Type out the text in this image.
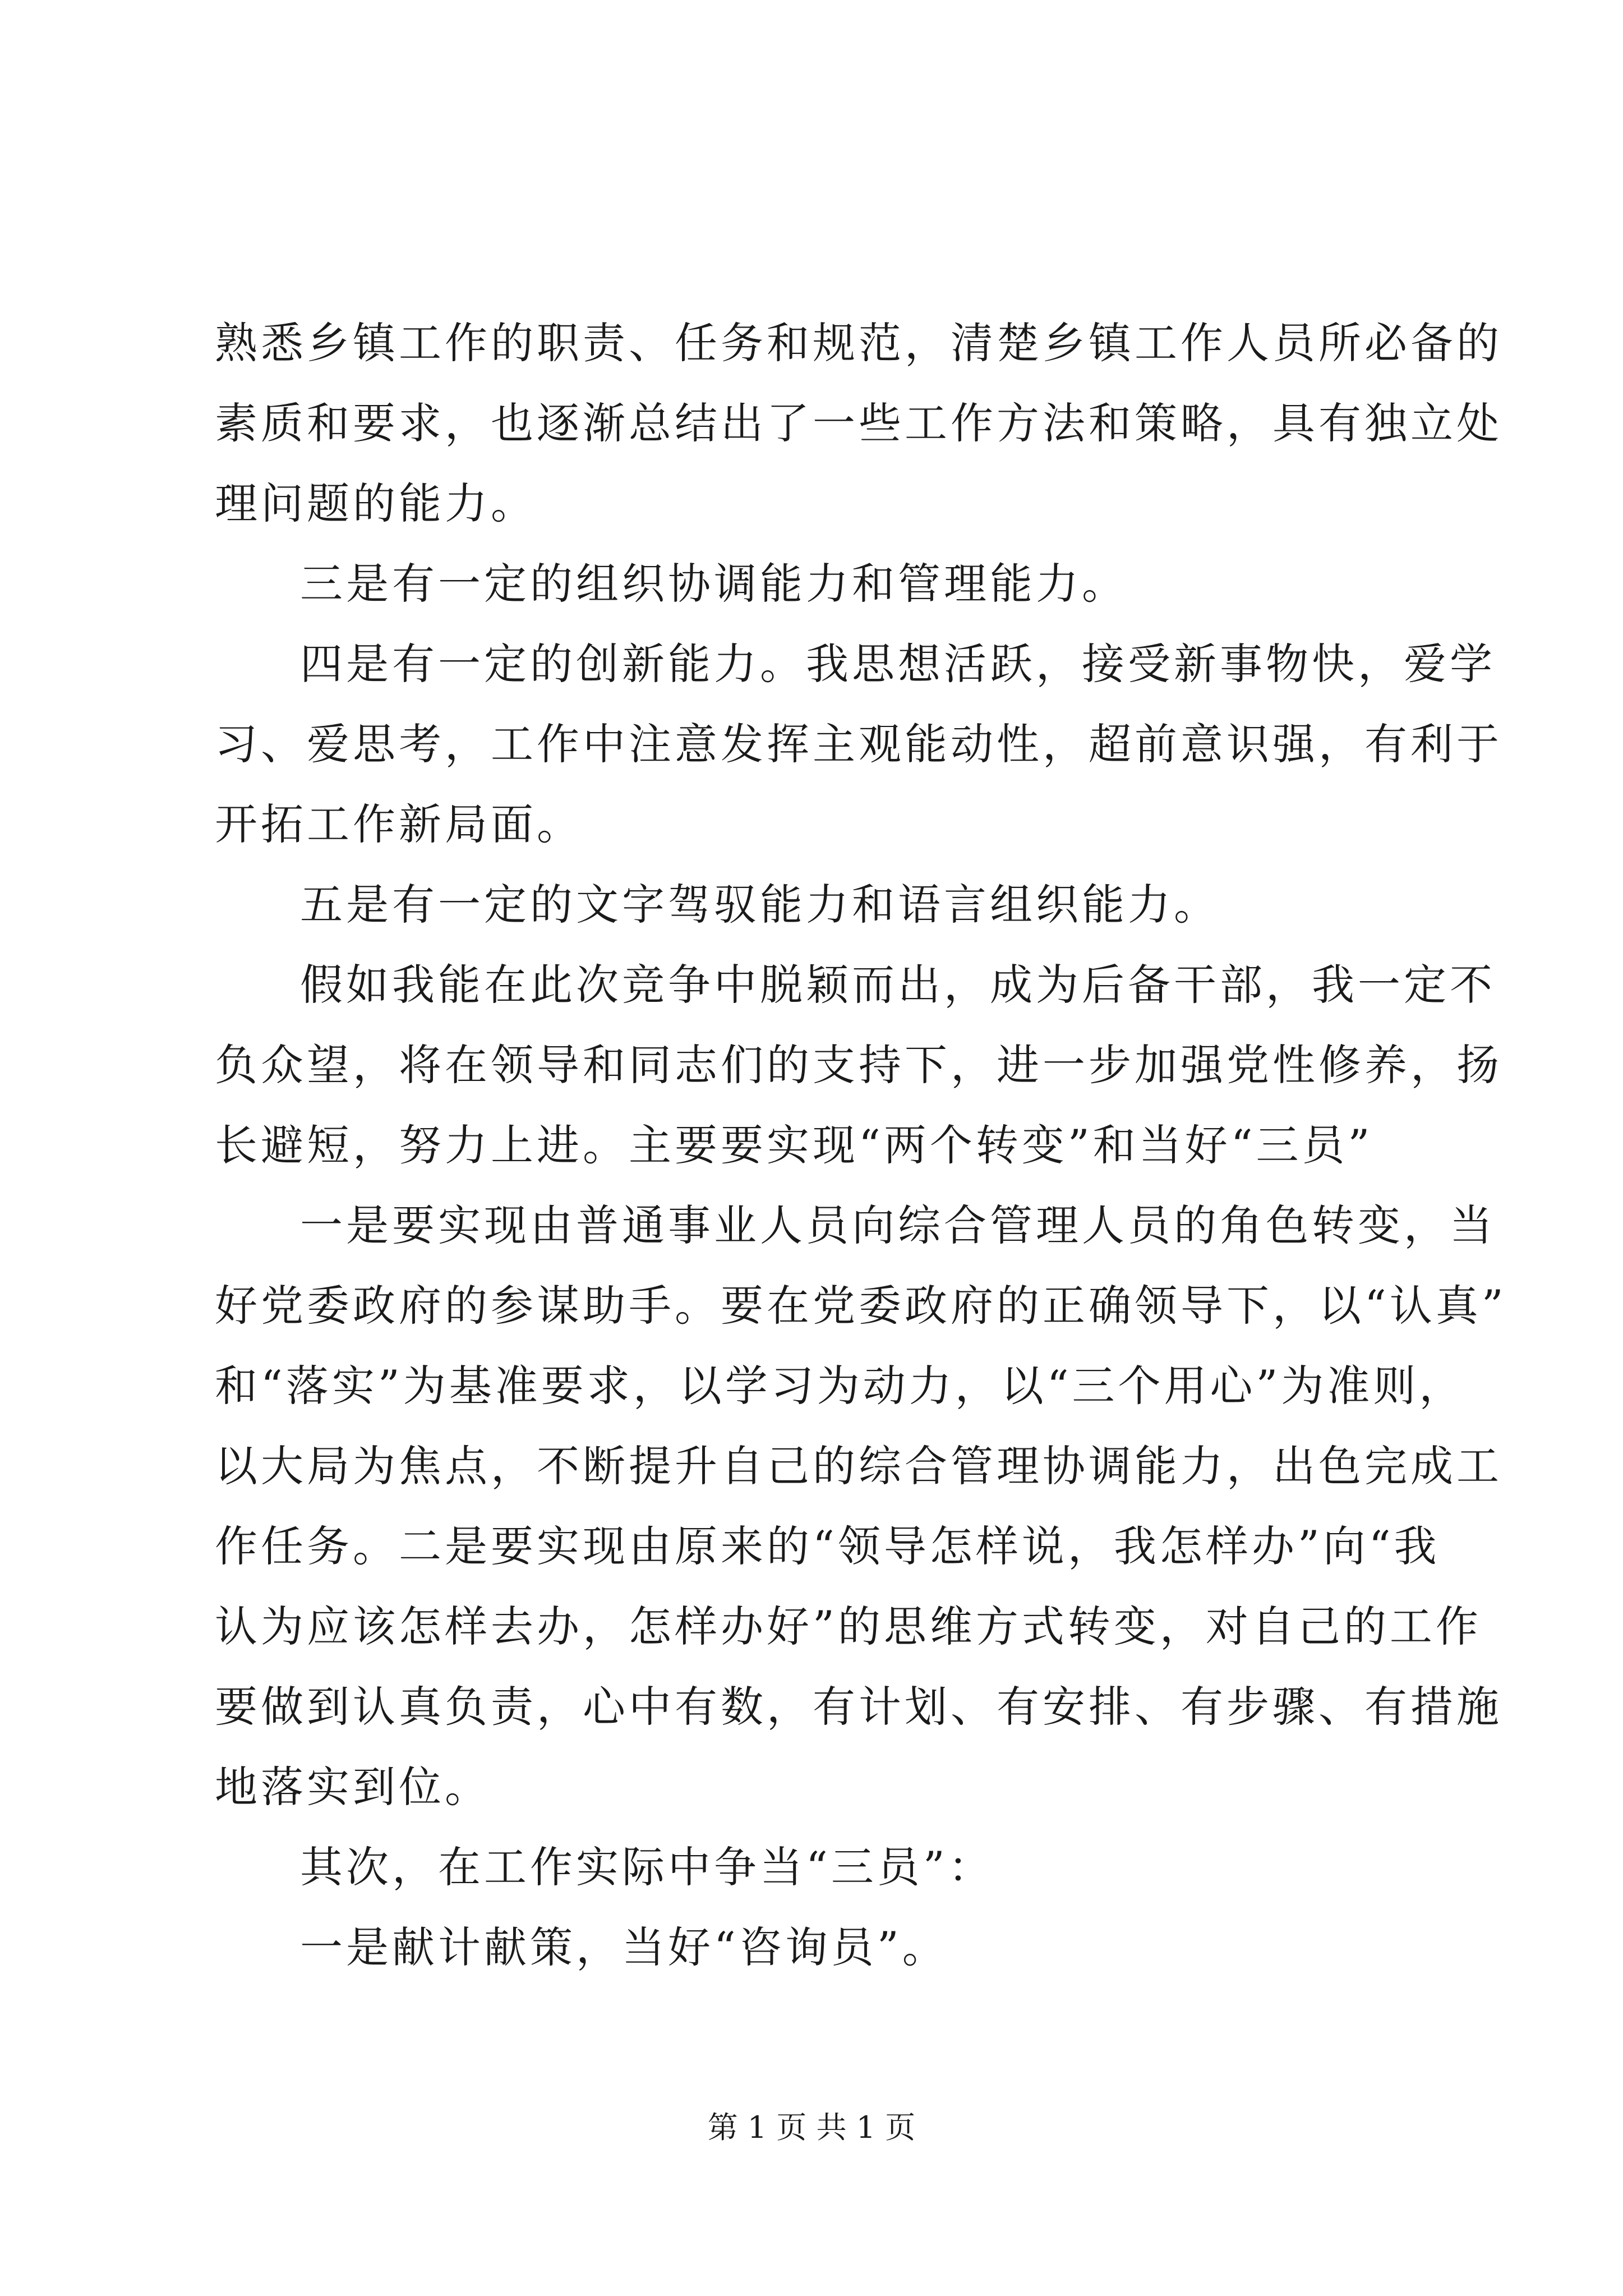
熟悉乡镇工作的职责、任务和规范，清楚乡镇工作人员所必备的
素质和要求，也逐渐总结出了一些工作方法和策略，具有独立处
理问题的能力。
三是有一定的组织协调能力和管理能力。
四是有一定的创新能力。我思想活跃，接受新事物快，爱学
习、爱思考，工作中注意发挥主观能动性，超前意识强，有利于
开拓工作新局面。
五是有一定的文字驾驭能力和语言组织能力。
假如我能在此次竞争中脱颖而出，成为后备干部，我一定不
负众望，将在领导和同志们的支持下，进一步加强党性修养，扬
长避短，努力上进。主要要实现“两个转变”和当好“三员”
一是要实现由普通事业人员向综合管理人员的角色转变，当
好党委政府的参谋助手。要在党委政府的正确领导下，以“认真”
和“落实”为基准要求，以学习为动力，以“三个用心”为准则，
以大局为焦点，不断提升自己的综合管理协调能力，出色完成工
作任务。二是要实现由原来的“领导怎样说，我怎样办”向“我
认为应该怎样去办，怎样办好”的思维方式转变，对自己的工作
要做到认真负责，心中有数，有计划、有安排、有步骤、有措施
地落实到位。
其次，在工作实际中争当“三员”：
一是献计献策，当好“咨询员”。
第 1 页 共 1 页
